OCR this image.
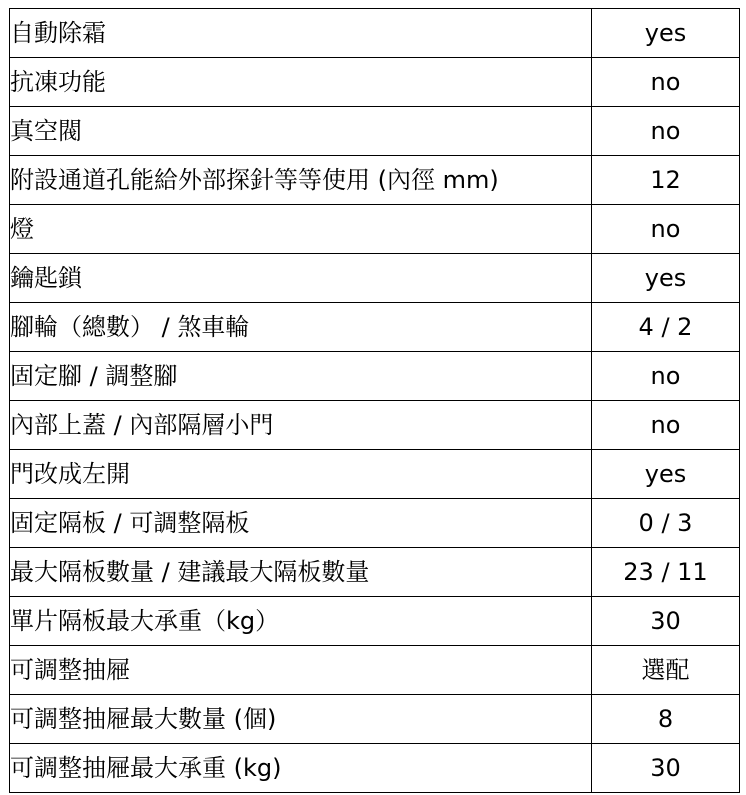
自動除霜	yes
抗凍功能	no
真空閥	no
附設通道孔能給外部探針等等使用 (內徑 mm)	12
燈	no
鑰匙鎖	yes
腳輪（總數） / 煞車輪	4 / 2
固定腳 / 調整腳	no
內部上蓋 / 內部隔層小門	no
門改成左開	yes
固定隔板 / 可調整隔板	0 / 3
最大隔板數量 / 建議最大隔板數量	23 / 11
單片隔板最大承重（kg）	30
可調整抽屜	選配
可調整抽屜最大數量 (個)	8
可調整抽屜最大承重 (kg)	30
